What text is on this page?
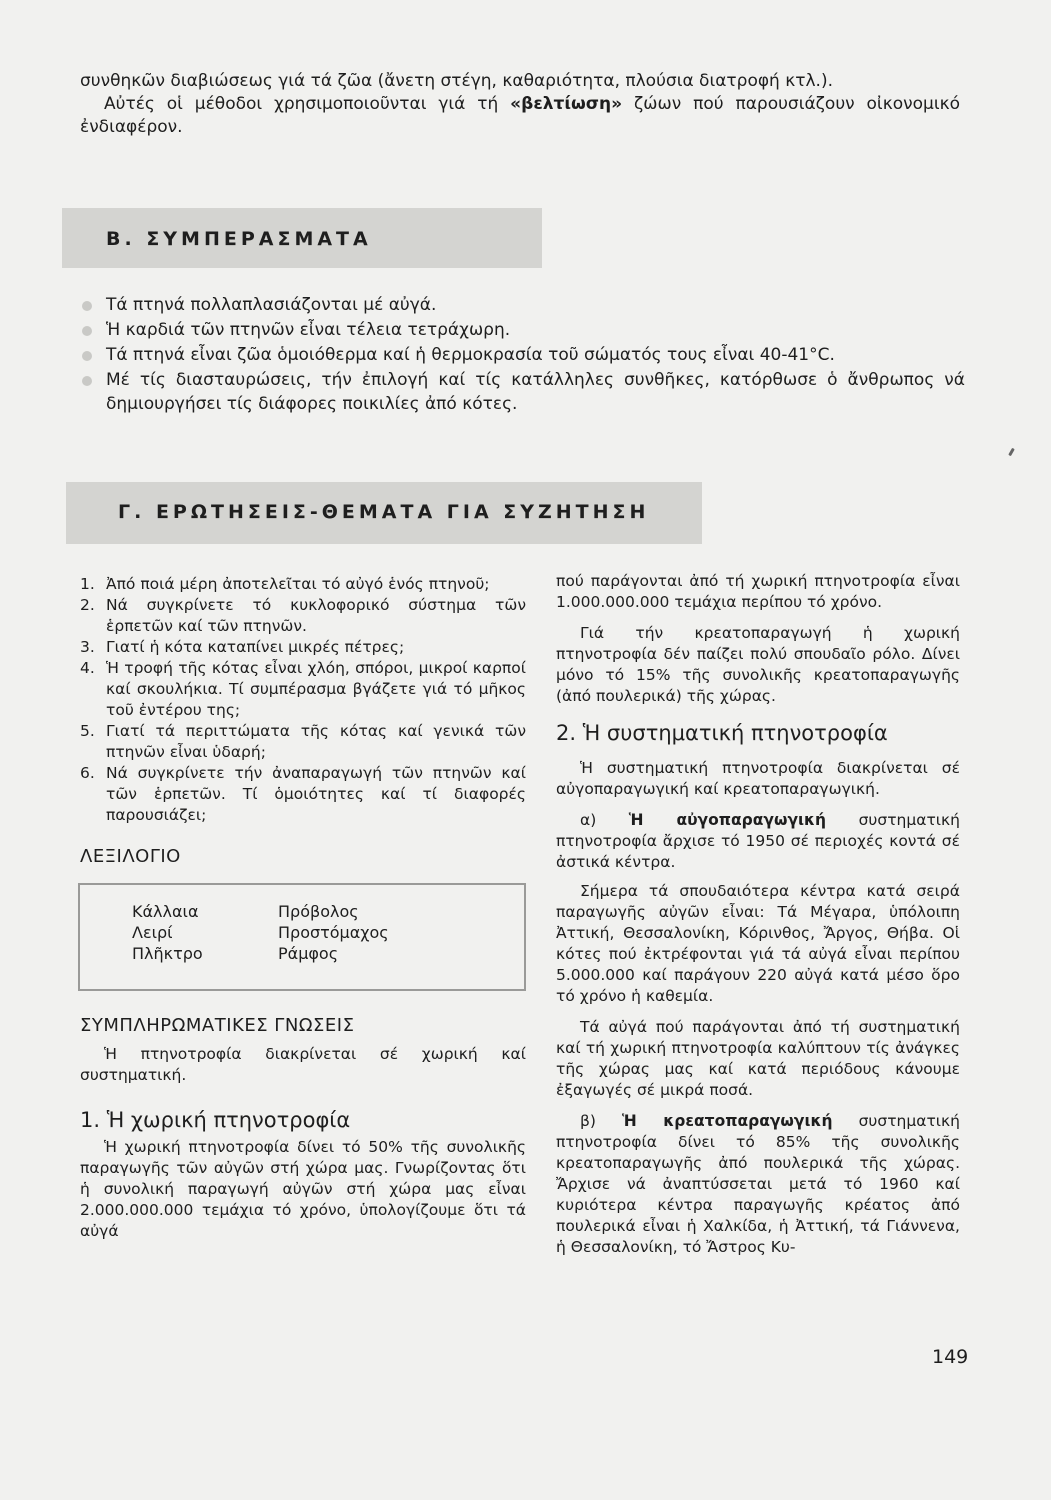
συνθηκῶν διαβιώσεως γιά τά ζῶα (ἄνετη στέγη, καθαριότητα, πλούσια διατροφή κτλ.).

Αὐτές οἱ μέθοδοι χρησιμοποιοῦνται γιά τή «βελτίωση» ζώων πού παρουσιάζουν οἰκονομικό ἐνδιαφέρον.

Β. ΣΥΜΠΕΡΑΣΜΑΤΑ
Τά πτηνά πολλαπλασιάζονται μέ αὐγά.
Ἡ καρδιά τῶν πτηνῶν εἶναι τέλεια τετράχωρη.
Τά πτηνά εἶναι ζῶα ὁμοιόθερμα καί ἡ θερμοκρασία τοῦ σώματός τους εἶναι 40-41°C.
Μέ τίς διασταυρώσεις, τήν ἐπιλογή καί τίς κατάλληλες συνθῆκες, κατόρθωσε ὁ ἄνθρωπος νά δημιουργήσει τίς διάφορες ποικιλίες ἀπό κότες.
Γ. ΕΡΩΤΗΣΕΙΣ-ΘΕΜΑΤΑ ΓΙΑ ΣΥΖΗΤΗΣΗ
1. Ἀπό ποιά μέρη ἀποτελεῖται τό αὐγό ἑνός πτηνοῦ;
2. Νά συγκρίνετε τό κυκλοφορικό σύστημα τῶν ἑρπετῶν καί τῶν πτηνῶν.
3. Γιατί ἡ κότα καταπίνει μικρές πέτρες;
4. Ἡ τροφή τῆς κότας εἶναι χλόη, σπόροι, μικροί καρποί καί σκουλήκια. Τί συμπέρασμα βγάζετε γιά τό μῆκος τοῦ ἐντέρου της;
5. Γιατί τά περιττώματα τῆς κότας καί γενικά τῶν πτηνῶν εἶναι ὑδαρή;
6. Νά συγκρίνετε τήν ἀναπαραγωγή τῶν πτηνῶν καί τῶν ἑρπετῶν. Τί ὁμοιότητες καί τί διαφορές παρουσιάζει;
ΛΕΞΙΛΟΓΙΟ
Κάλλαια
Λειρί
Πλῆκτρο
Πρόβολος
Προστόμαχος
Ράμφος
ΣΥΜΠΛΗΡΩΜΑΤΙΚΕΣ ΓΝΩΣΕΙΣ

Ἡ πτηνοτροφία διακρίνεται σέ χωρική καί συστηματική.

1. Ἡ χωρική πτηνοτροφία

Ἡ χωρική πτηνοτροφία δίνει τό 50% τῆς συνολικῆς παραγωγῆς τῶν αὐγῶν στή χώρα μας. Γνωρίζοντας ὅτι ἡ συνολική παραγωγή αὐγῶν στή χώρα μας εἶναι 2.000.000.000 τεμάχια τό χρόνο, ὑπολογίζουμε ὅτι τά αὐγά

πού παράγονται ἀπό τή χωρική πτηνοτροφία εἶναι 1.000.000.000 τεμάχια περίπου τό χρόνο.

Γιά τήν κρεατοπαραγωγή ἡ χωρική πτηνοτροφία δέν παίζει πολύ σπουδαῖο ρόλο. Δίνει μόνο τό 15% τῆς συνολικῆς κρεατοπαραγωγῆς (ἀπό πουλερικά) τῆς χώρας.

2. Ἡ συστηματική πτηνοτροφία

Ἡ συστηματική πτηνοτροφία διακρίνεται σέ αὐγοπαραγωγική καί κρεατοπαραγωγική.

α) Ἡ αὐγοπαραγωγική συστηματική πτηνοτροφία ἄρχισε τό 1950 σέ περιοχές κοντά σέ ἀστικά κέντρα.

Σήμερα τά σπουδαιότερα κέντρα κατά σειρά παραγωγῆς αὐγῶν εἶναι: Τά Μέγαρα, ὑπόλοιπη Ἀττική, Θεσσαλονίκη, Κόρινθος, Ἄργος, Θήβα. Οἱ κότες πού ἐκτρέφονται γιά τά αὐγά εἶναι περίπου 5.000.000 καί παράγουν 220 αὐγά κατά μέσο ὅρο τό χρόνο ἡ καθεμία.

Τά αὐγά πού παράγονται ἀπό τή συστηματική καί τή χωρική πτηνοτροφία καλύπτουν τίς ἀνάγκες τῆς χώρας μας καί κατά περιόδους κάνουμε ἐξαγωγές σέ μικρά ποσά.

β) Ἡ κρεατοπαραγωγική συστηματική πτηνοτροφία δίνει τό 85% τῆς συνολικῆς κρεατοπαραγωγῆς ἀπό πουλερικά τῆς χώρας. Ἄρχισε νά ἀναπτύσσεται μετά τό 1960 καί κυριότερα κέντρα παραγωγῆς κρέατος ἀπό πουλερικά εἶναι ἡ Χαλκίδα, ἡ Ἀττική, τά Γιάννενα, ἡ Θεσσαλονίκη, τό Ἄστρος Κυ-

149
